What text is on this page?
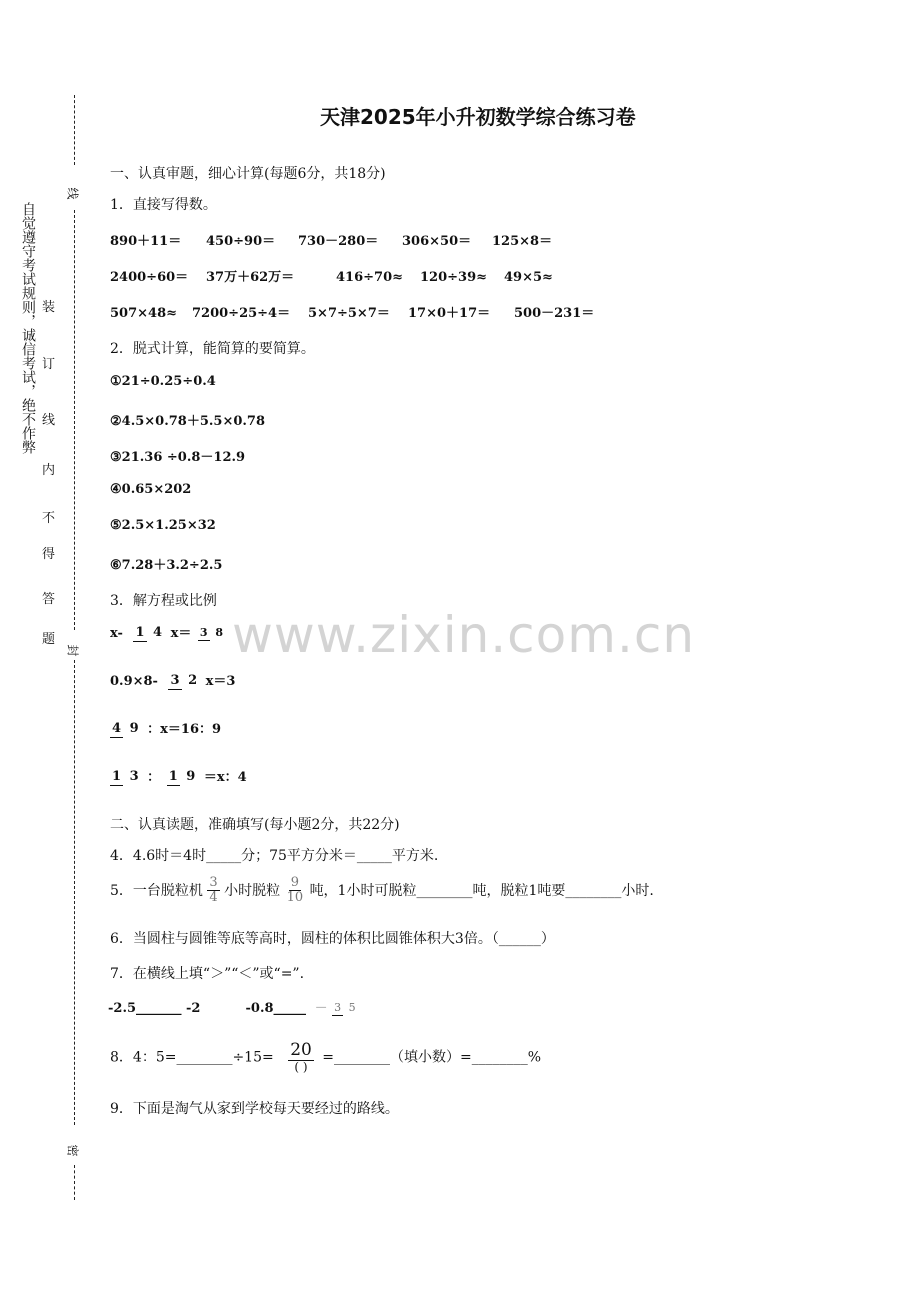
线
封
密
自觉遵守考试规则，诚信考试，绝不作弊 装
订
线
内
不
得
答
题
天津2025年小升初数学综合练习卷
一、认真审题，细心计算(每题6分，共18分)
1．直接写得数。
890＋11＝ 450÷90＝ 730－280＝ 306×50＝ 125×8＝
2400÷60＝ 37万＋62万＝	416÷70≈ 120÷39≈ 49×5≈
507×48≈ 7200÷25÷4＝ 5×7÷5×7＝ 17×0＋17＝ 500－231＝
2．脱式计算，能简算的要简算。
①21÷0.25÷0.4
②4.5×0.78＋5.5×0.78
③21.36 ÷0.8－12.9
④0.65×202
⑤2.5×1.25×32
⑥7.28＋3.2÷2.5
3．解方程或比例
x- 1 4 x＝ 3 8
0.9×8- 3 2 x＝3
4 9 ：x＝16：9
1 3 ： 1 9 ＝x：4
二、认真读题，准确填写(每小题2分，共22分)
4．4.6时＝4时_____分；75平方分米＝_____平方米.
5．一台脱粒机 $\frac{3}{4}$ 小时脱粒 $\frac{9}{10}$ 吨，1小时可脱粒________吨，脱粒1吨要________小时.
6．当圆柱与圆锥等底等高时，圆柱的体积比圆锥体积大3倍。（______）
7．在横线上填“＞”“＜”或“=”.
-2.5_______ -2	-0.8_____ － 3 5
8．4：5=________÷15= $\frac{20}{( )}$ =________（填小数）=________%
9．下面是淘气从家到学校每天要经过的路线。
www.zixin.com.cn
